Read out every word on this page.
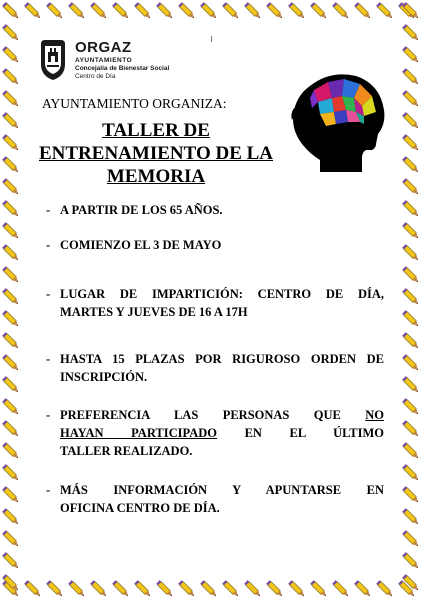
ORGAZ
AYUNTAMIENTO
Concejalía de Bienestar Social
Centro de Día
AYUNTAMIENTO ORGANIZA:
TALLER DE
ENTRENAMIENTO DE LA
MEMORIA
- A PARTIR DE LOS 65 AÑOS.
- COMIENZO EL 3 DE MAYO
- LUGAR DE IMPARTICIÓN: CENTRO DE DÍA,
MARTES Y JUEVES DE 16 A 17H
- HASTA 15 PLAZAS POR RIGUROSO ORDEN DE
INSCRIPCIÓN.
- PREFERENCIA LAS PERSONAS QUE NO
HAYAN PARTICIPADO EN EL ÚLTIMO
TALLER REALIZADO.
- MÁS INFORMACIÓN Y APUNTARSE EN
OFICINA CENTRO DE DÍA.
